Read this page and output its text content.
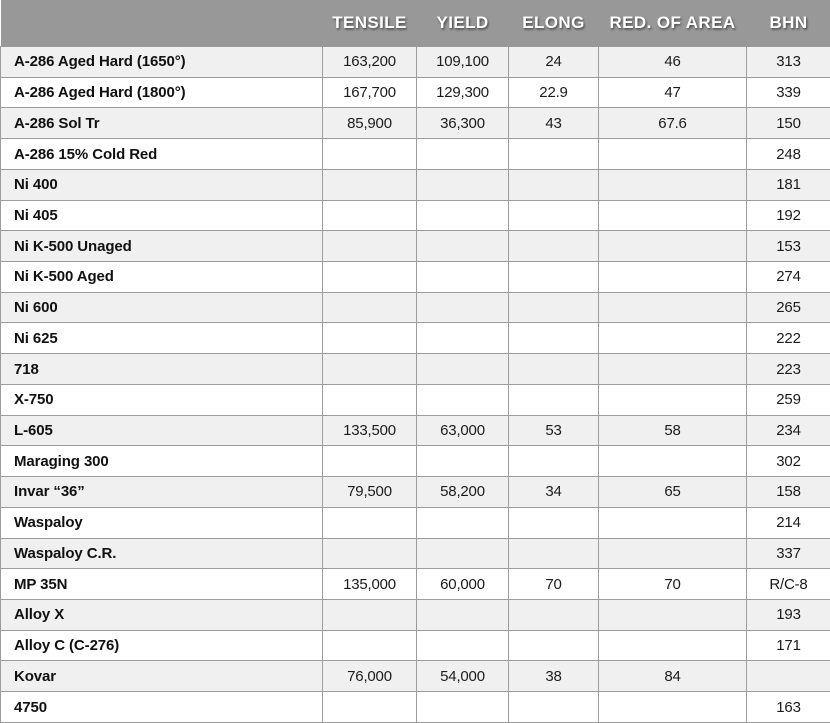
	TENSILE	YIELD	ELONG	RED. OF AREA	BHN
A-286 Aged Hard (1650°)	163,200	109,100	24	46	313
A-286 Aged Hard (1800°)	167,700	129,300	22.9	47	339
A-286 Sol Tr	85,900	36,300	43	67.6	150
A-286 15% Cold Red					248
Ni 400					181
Ni 405					192
Ni K-500 Unaged					153
Ni K-500 Aged					274
Ni 600					265
Ni 625					222
718					223
X-750					259
L-605	133,500	63,000	53	58	234
Maraging 300					302
Invar “36”	79,500	58,200	34	65	158
Waspaloy					214
Waspaloy C.R.					337
MP 35N	135,000	60,000	70	70	R/C-8
Alloy X					193
Alloy C (C-276)					171
Kovar	76,000	54,000	38	84	
4750					163
